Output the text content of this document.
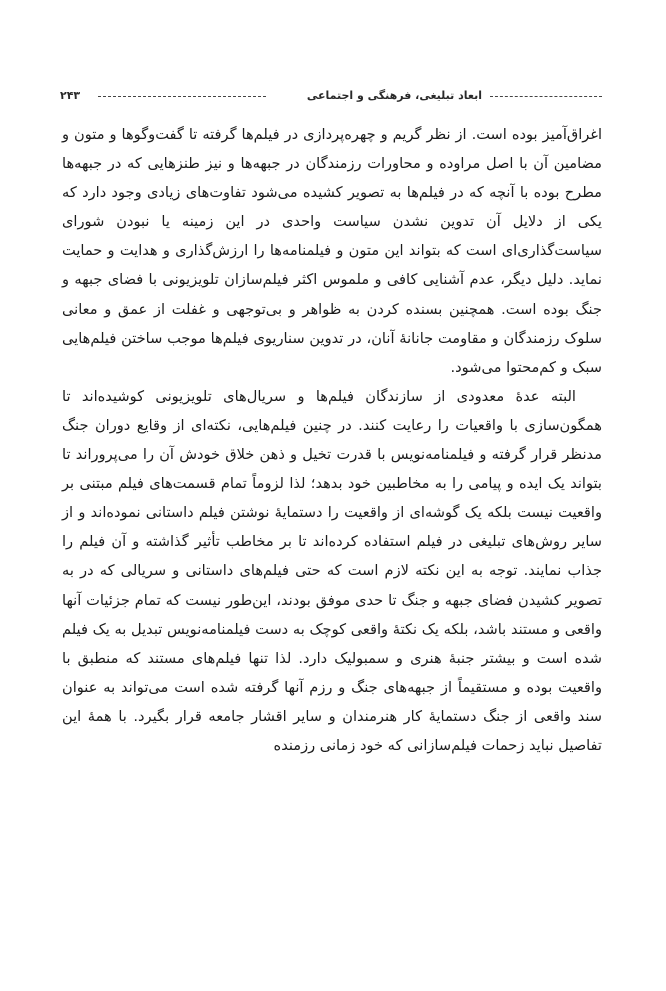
ابعاد تبلیغی، فرهنگی و اجتماعی
۲۴۳

اغراق‌آمیز بوده است. از نظر گریم و چهره‌پردازی در فیلم‌ها گرفته تا گفت‌وگوها و متون و مضامین آن با اصل مراوده و محاورات رزمندگان در جبهه‌ها و نیز طنزهایی که در جبهه‌ها مطرح بوده با آنچه که در فیلم‌ها به تصویر کشیده می‌شود تفاوت‌های زیادی وجود دارد که یکی از دلایل آن تدوین نشدن سیاست واحدی در این زمینه یا نبودن شورای سیاست‌گذاری‌ای است که بتواند این متون و فیلمنامه‌ها را ارزش‌گذاری و هدایت و حمایت نماید. دلیل دیگر، عدم آشنایی کافی و ملموس اکثر فیلم‌سازان تلویزیونی با فضای جبهه و جنگ بوده است. همچنین بسنده کردن به ظواهر و بی‌توجهی و غفلت از عمق و معانی سلوک رزمندگان و مقاومت جانانهٔ آنان، در تدوین سناریوی فیلم‌ها موجب ساختن فیلم‌هایی سبک و کم‌محتوا می‌شود.

البته عدهٔ معدودی از سازندگان فیلم‌ها و سریال‌های تلویزیونی کوشیده‌اند تا همگون‌سازی با واقعیات را رعایت کنند. در چنین فیلم‌هایی، نکته‌ای از وقایع دوران جنگ مدنظر قرار گرفته و فیلمنامه‌نویس با قدرت تخیل و ذهن خلاق خودش آن را می‌پروراند تا بتواند یک ایده و پیامی را به مخاطبین خود بدهد؛ لذا لزوماً تمام قسمت‌های فیلم مبتنی بر واقعیت نیست بلکه یک گوشه‌ای از واقعیت را دستمایهٔ نوشتن فیلم داستانی نموده‌اند و از سایر روش‌های تبلیغی در فیلم استفاده کرده‌اند تا بر مخاطب تأثیر گذاشته و آن فیلم را جذاب نمایند. توجه به این نکته لازم است که حتی فیلم‌های داستانی و سریالی که در به تصویر کشیدن فضای جبهه و جنگ تا حدی موفق بودند، این‌طور نیست که تمام جزئیات آنها واقعی و مستند باشد، بلکه یک نکتهٔ واقعی کوچک به دست فیلمنامه‌نویس تبدیل به یک فیلم شده است و بیشتر جنبهٔ هنری و سمبولیک دارد. لذا تنها فیلم‌های مستند که منطبق با واقعیت بوده و مستقیماً از جبهه‌های جنگ و رزم آنها گرفته شده است می‌تواند به عنوان سند واقعی از جنگ دستمایهٔ کار هنرمندان و سایر اقشار جامعه قرار بگیرد. با همهٔ این تفاصیل نباید زحمات فیلم‌سازانی که خود زمانی رزمنده
